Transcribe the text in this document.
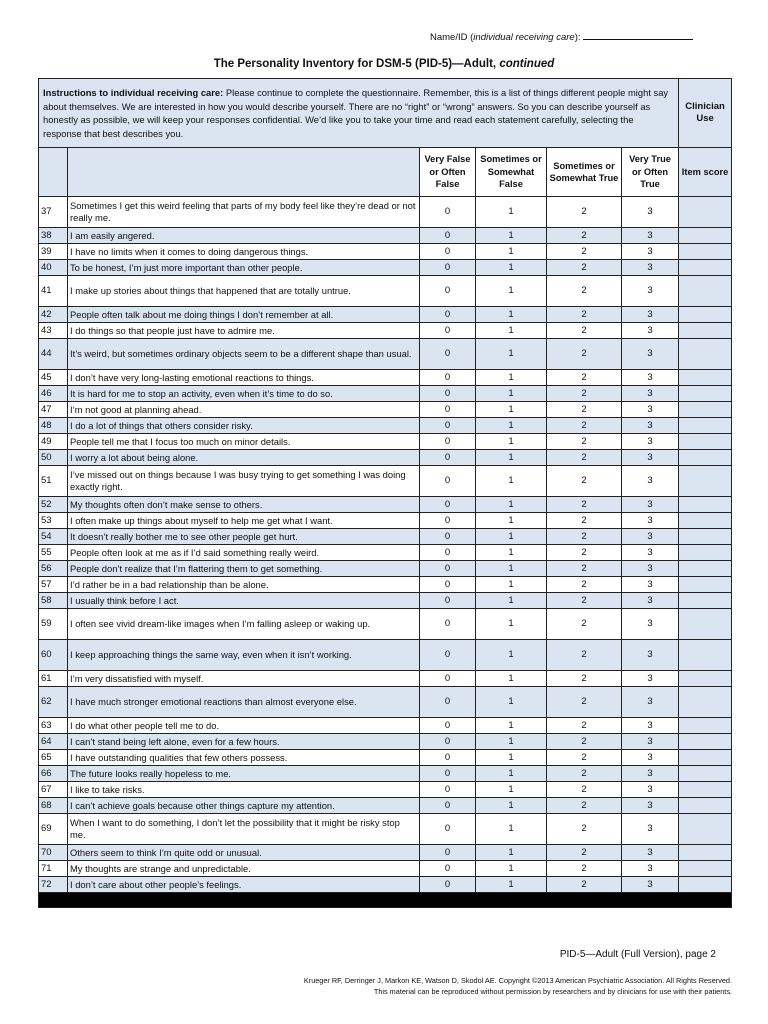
Name/ID (individual receiving care):
The Personality Inventory for DSM-5 (PID-5)—Adult, continued
Instructions to individual receiving care: Please continue to complete the questionnaire. Remember, this is a list of things different people might say about themselves. We are interested in how you would describe yourself. There are no “right” or “wrong” answers. So you can describe yourself as honestly as possible, we will keep your responses confidential. We’d like you to take your time and read each statement carefully, selecting the response that best describes you.						Clinician Use
		Very False or Often False	Sometimes or Somewhat False	Sometimes or Somewhat True	Very True or Often True	Item score
37	Sometimes I get this weird feeling that parts of my body feel like they’re dead or not really me.	0	1	2	3	
38	I am easily angered.	0	1	2	3	
39	I have no limits when it comes to doing dangerous things.	0	1	2	3	
40	To be honest, I’m just more important than other people.	0	1	2	3	
41	I make up stories about things that happened that are totally untrue.	0	1	2	3	
42	People often talk about me doing things I don’t remember at all.	0	1	2	3	
43	I do things so that people just have to admire me.	0	1	2	3	
44	It’s weird, but sometimes ordinary objects seem to be a different shape than usual.	0	1	2	3	
45	I don’t have very long-lasting emotional reactions to things.	0	1	2	3	
46	It is hard for me to stop an activity, even when it’s time to do so.	0	1	2	3	
47	I’m not good at planning ahead.	0	1	2	3	
48	I do a lot of things that others consider risky.	0	1	2	3	
49	People tell me that I focus too much on minor details.	0	1	2	3	
50	I worry a lot about being alone.	0	1	2	3	
51	I’ve missed out on things because I was busy trying to get something I was doing exactly right.	0	1	2	3	
52	My thoughts often don’t make sense to others.	0	1	2	3	
53	I often make up things about myself to help me get what I want.	0	1	2	3	
54	It doesn’t really bother me to see other people get hurt.	0	1	2	3	
55	People often look at me as if I’d said something really weird.	0	1	2	3	
56	People don’t realize that I’m flattering them to get something.	0	1	2	3	
57	I’d rather be in a bad relationship than be alone.	0	1	2	3	
58	I usually think before I act.	0	1	2	3	
59	I often see vivid dream-like images when I’m falling asleep or waking up.	0	1	2	3	
60	I keep approaching things the same way, even when it isn’t working.	0	1	2	3	
61	I’m very dissatisfied with myself.	0	1	2	3	
62	I have much stronger emotional reactions than almost everyone else.	0	1	2	3	
63	I do what other people tell me to do.	0	1	2	3	
64	I can’t stand being left alone, even for a few hours.	0	1	2	3	
65	I have outstanding qualities that few others possess.	0	1	2	3	
66	The future looks really hopeless to me.	0	1	2	3	
67	I like to take risks.	0	1	2	3	
68	I can’t achieve goals because other things capture my attention.	0	1	2	3	
69	When I want to do something, I don’t let the possibility that it might be risky stop me.	0	1	2	3	
70	Others seem to think I’m quite odd or unusual.	0	1	2	3	
71	My thoughts are strange and unpredictable.	0	1	2	3	
72	I don’t care about other people’s feelings.	0	1	2	3	

PID-5—Adult (Full Version), page 2
Krueger RF, Derringer J, Markon KE, Watson D, Skodol AE. Copyright ©2013 American Psychiatric Association. All Rights Reserved.
This material can be reproduced without permission by researchers and by clinicians for use with their patients.
